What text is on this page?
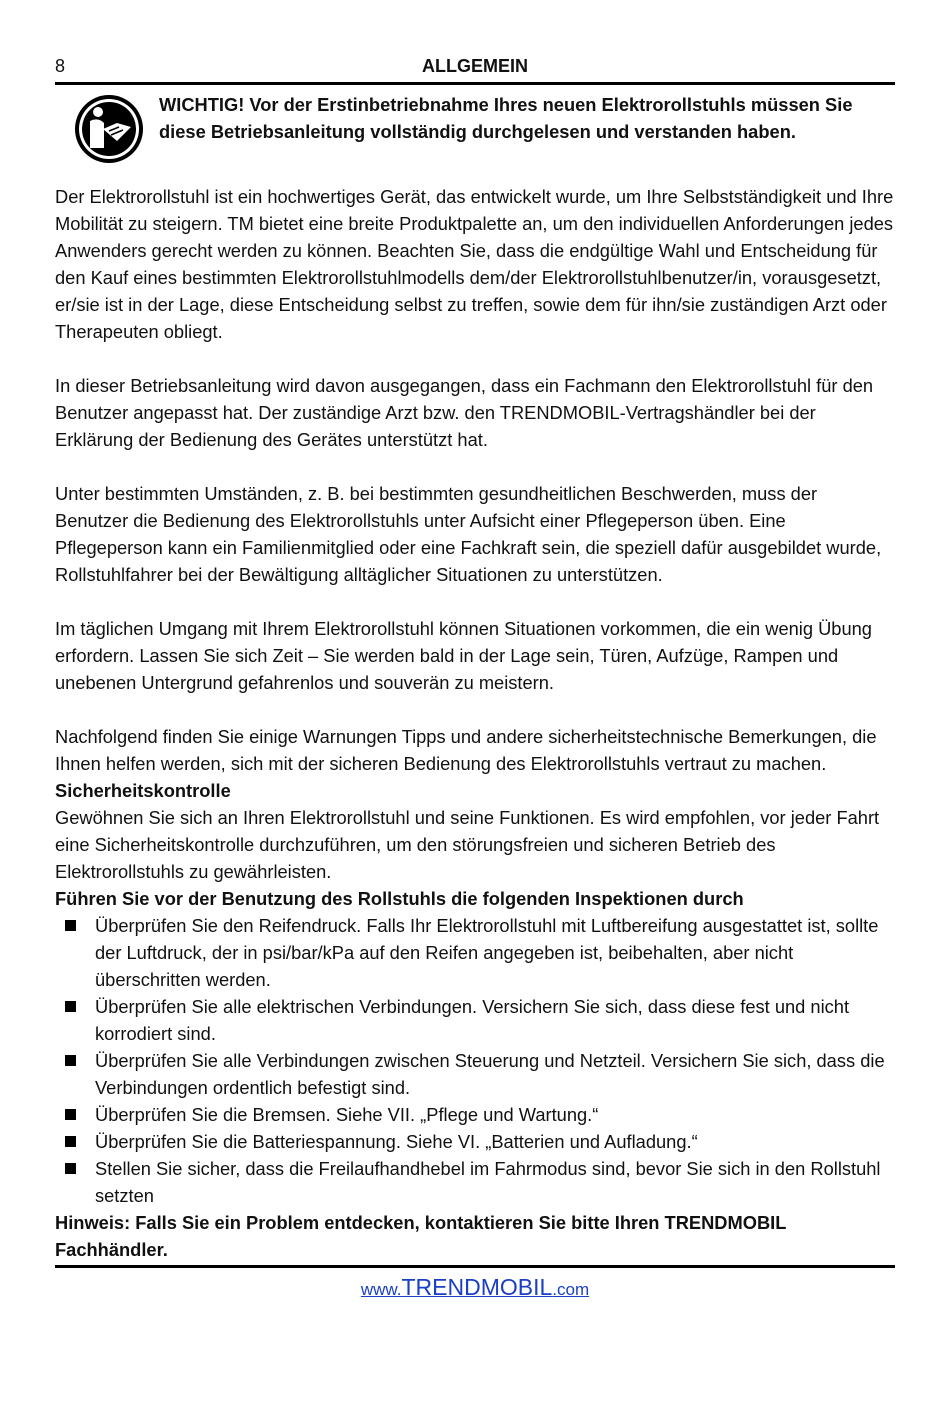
8	ALLGEMEIN
WICHTIG! Vor der Erstinbetriebnahme Ihres neuen Elektrorollstuhls müssen Sie diese Betriebsanleitung vollständig durchgelesen und verstanden haben.

Der Elektrorollstuhl ist ein hochwertiges Gerät, das entwickelt wurde, um Ihre Selbstständigkeit und Ihre Mobilität zu steigern. TM bietet eine breite Produktpalette an, um den individuellen Anforderungen jedes Anwenders gerecht werden zu können. Beachten Sie, dass die endgültige Wahl und Entscheidung für den Kauf eines bestimmten Elektrorollstuhlmodells dem/der Elektrorollstuhlbenutzer/in, vorausgesetzt, er/sie ist in der Lage, diese Entscheidung selbst zu treffen, sowie dem für ihn/sie zuständigen Arzt oder Therapeuten obliegt.

In dieser Betriebsanleitung wird davon ausgegangen, dass ein Fachmann den Elektrorollstuhl für den Benutzer angepasst hat. Der zuständige Arzt bzw. den TRENDMOBIL-Vertragshändler bei der Erklärung der Bedienung des Gerätes unterstützt hat.

Unter bestimmten Umständen, z. B. bei bestimmten gesundheitlichen Beschwerden, muss der Benutzer die Bedienung des Elektrorollstuhls unter Aufsicht einer Pflegeperson üben. Eine Pflegeperson kann ein Familienmitglied oder eine Fachkraft sein, die speziell dafür ausgebildet wurde, Rollstuhlfahrer bei der Bewältigung alltäglicher Situationen zu unterstützen.

Im täglichen Umgang mit Ihrem Elektrorollstuhl können Situationen vorkommen, die ein wenig Übung erfordern. Lassen Sie sich Zeit – Sie werden bald in der Lage sein, Türen, Aufzüge, Rampen und unebenen Untergrund gefahrenlos und souverän zu meistern.

Nachfolgend finden Sie einige Warnungen Tipps und andere sicherheitstechnische Bemerkungen, die Ihnen helfen werden, sich mit der sicheren Bedienung des Elektrorollstuhls vertraut zu machen.

Sicherheitskontrolle

Gewöhnen Sie sich an Ihren Elektrorollstuhl und seine Funktionen. Es wird empfohlen, vor jeder Fahrt eine Sicherheitskontrolle durchzuführen, um den störungsfreien und sicheren Betrieb des Elektrorollstuhls zu gewährleisten.

Führen Sie vor der Benutzung des Rollstuhls die folgenden Inspektionen durch

Überprüfen Sie den Reifendruck. Falls Ihr Elektrorollstuhl mit Luftbereifung ausgestattet ist, sollte der Luftdruck, der in psi/bar/kPa auf den Reifen angegeben ist, beibehalten, aber nicht überschritten werden.
Überprüfen Sie alle elektrischen Verbindungen. Versichern Sie sich, dass diese fest und nicht korrodiert sind.
Überprüfen Sie alle Verbindungen zwischen Steuerung und Netzteil. Versichern Sie sich, dass die Verbindungen ordentlich befestigt sind.
Überprüfen Sie die Bremsen. Siehe VII. „Pflege und Wartung.“
Überprüfen Sie die Batteriespannung. Siehe VI. „Batterien und Aufladung.“
Stellen Sie sicher, dass die Freilaufhandhebel im Fahrmodus sind, bevor Sie sich in den Rollstuhl setzten

Hinweis: Falls Sie ein Problem entdecken, kontaktieren Sie bitte Ihren TRENDMOBIL Fachhändler.

www.TRENDMOBIL.com
